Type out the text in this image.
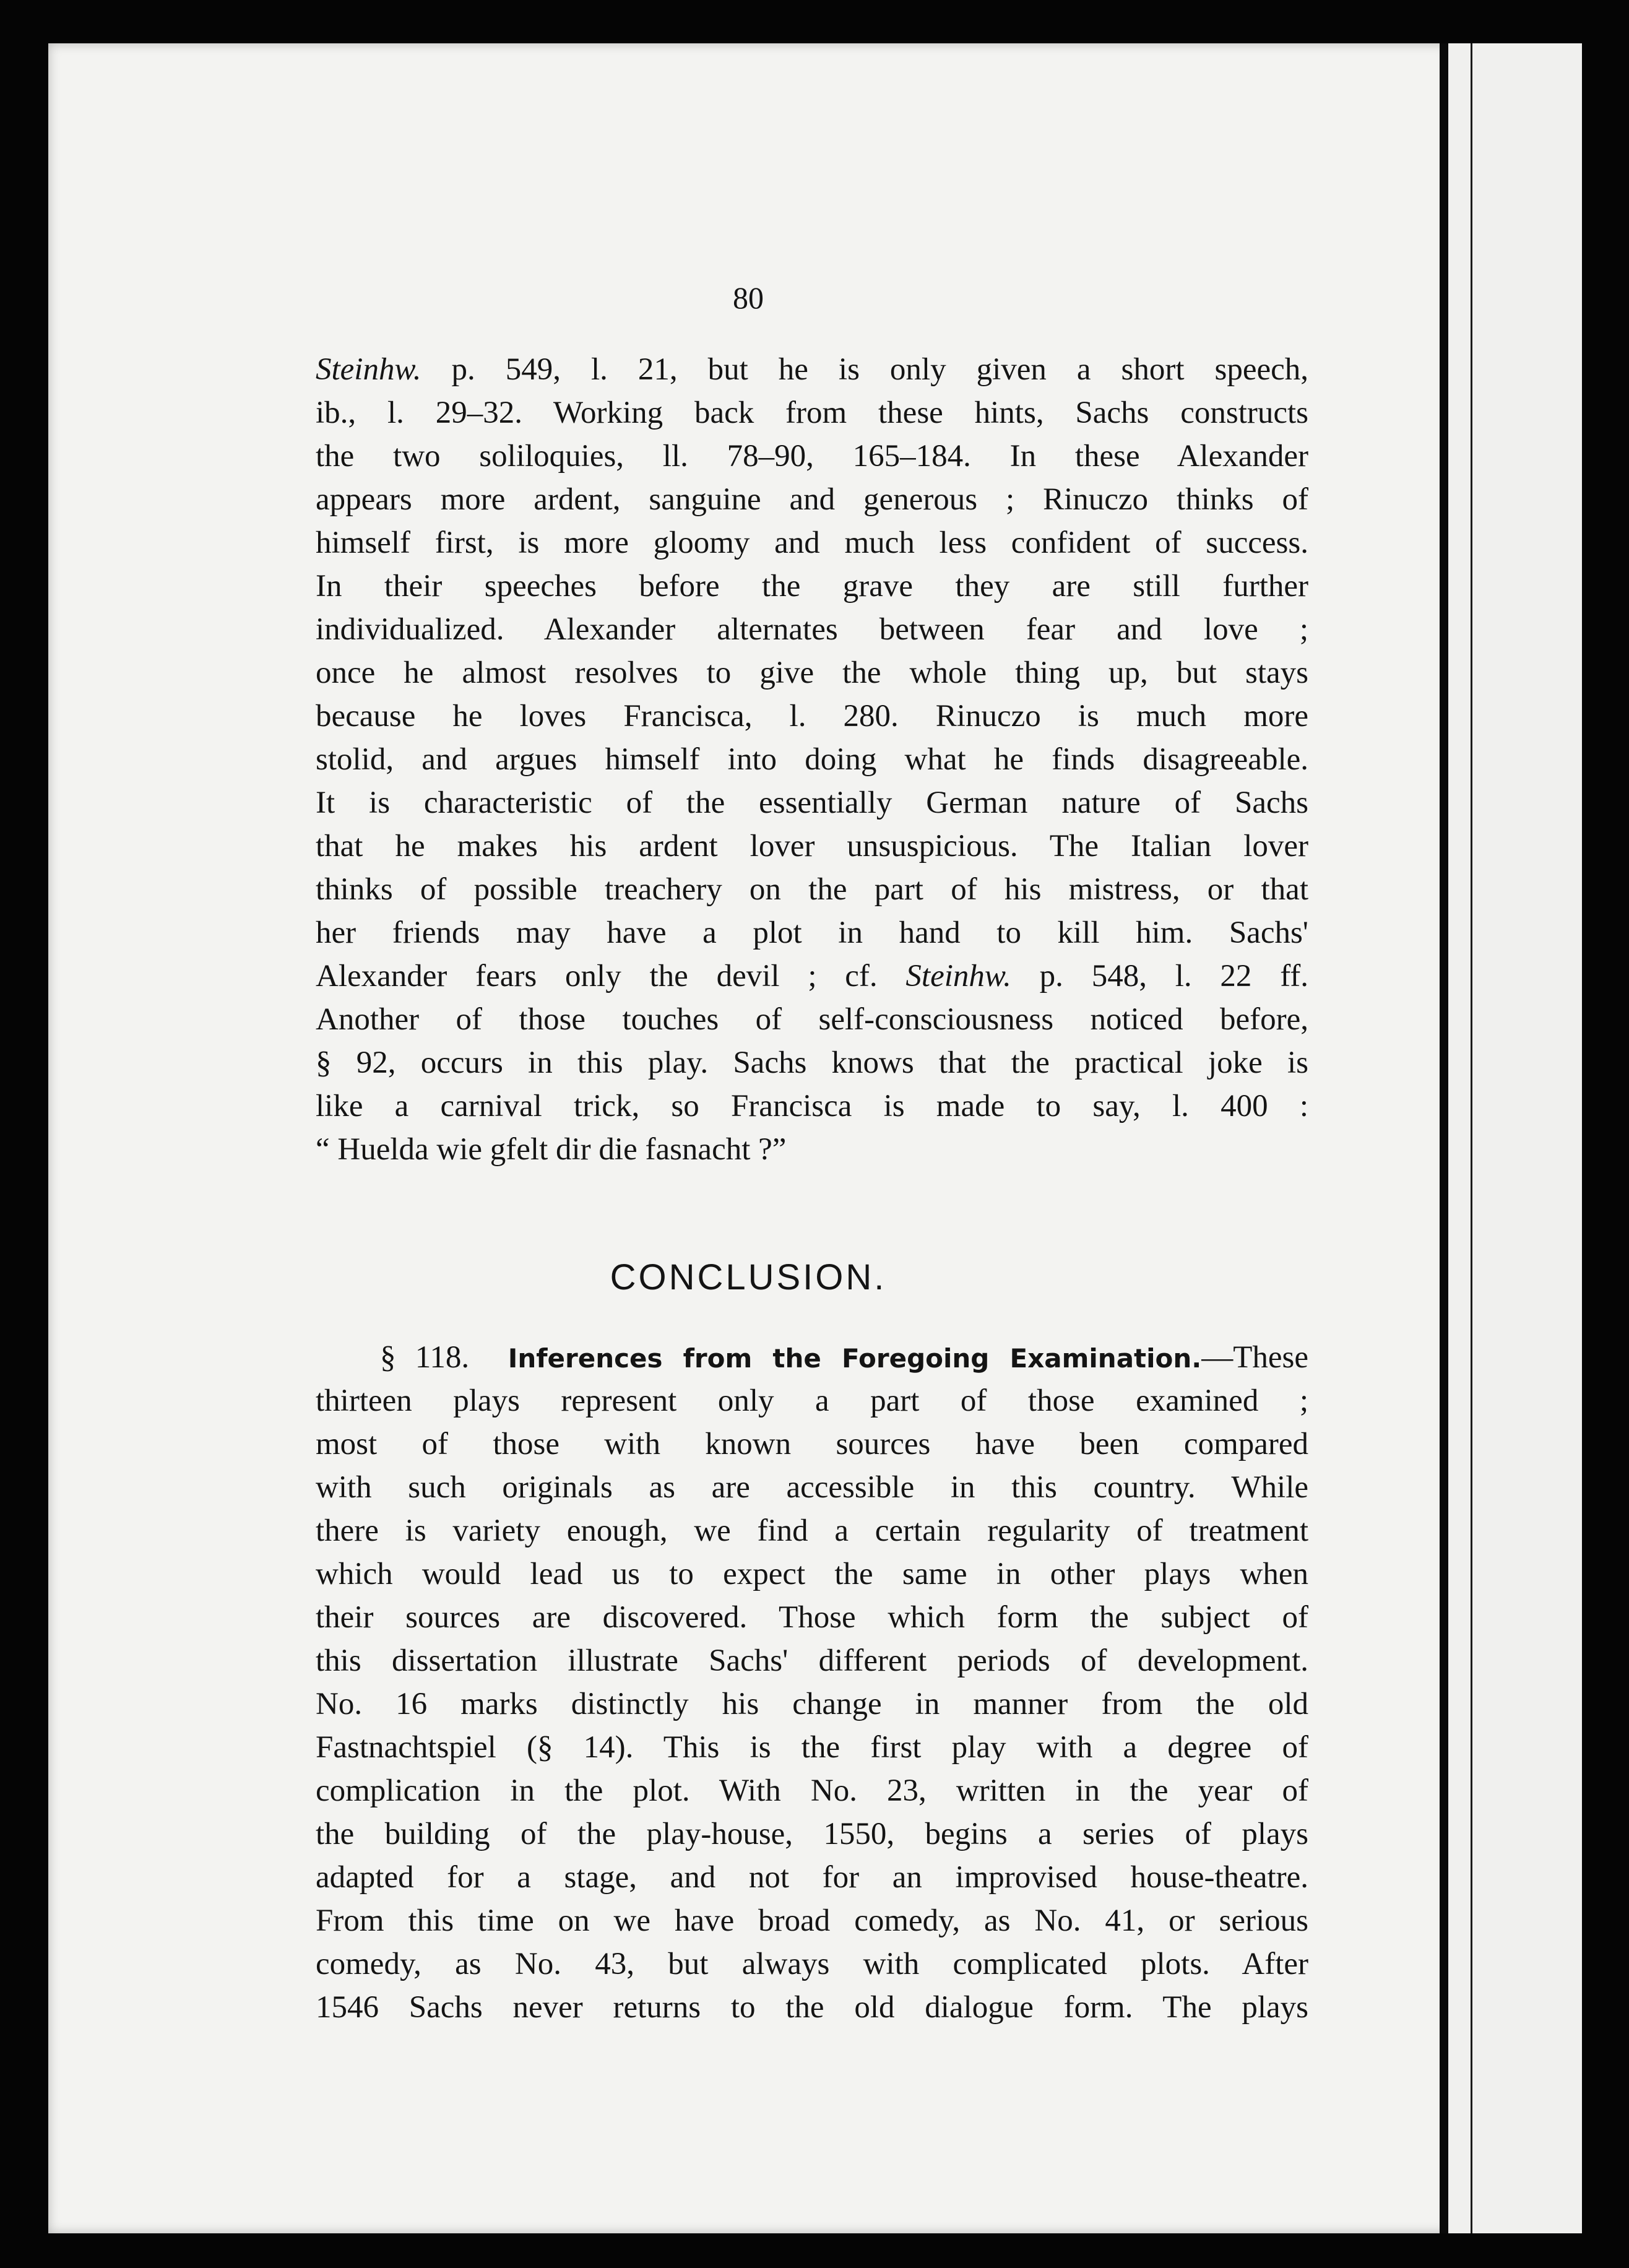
80
Steinhw. p. 549, l. 21, but he is only given a short speech,
ib., l. 29–32. Working back from these hints, Sachs constructs
the two soliloquies, ll. 78–90, 165–184. In these Alexander
appears more ardent, sanguine and generous ; Rinuczo thinks of
himself first, is more gloomy and much less confident of success.
In their speeches before the grave they are still further
individualized. Alexander alternates between fear and love ;
once he almost resolves to give the whole thing up, but stays
because he loves Francisca, l. 280. Rinuczo is much more
stolid, and argues himself into doing what he finds disagreeable.
It is characteristic of the essentially German nature of Sachs
that he makes his ardent lover unsuspicious. The Italian lover
thinks of possible treachery on the part of his mistress, or that
her friends may have a plot in hand to kill him. Sachs'
Alexander fears only the devil ; cf. Steinhw. p. 548, l. 22 ff.
Another of those touches of self-consciousness noticed before,
§ 92, occurs in this play. Sachs knows that the practical joke is
like a carnival trick, so Francisca is made to say, l. 400 :
“ Huelda wie gfelt dir die fasnacht ?”
CONCLUSION.
§ 118. Inferences from the Foregoing Examination.—These
thirteen plays represent only a part of those examined ;
most of those with known sources have been compared
with such originals as are accessible in this country. While
there is variety enough, we find a certain regularity of treatment
which would lead us to expect the same in other plays when
their sources are discovered. Those which form the subject of
this dissertation illustrate Sachs' different periods of development.
No. 16 marks distinctly his change in manner from the old
Fastnachtspiel (§ 14). This is the first play with a degree of
complication in the plot. With No. 23, written in the year of
the building of the play-house, 1550, begins a series of plays
adapted for a stage, and not for an improvised house-theatre.
From this time on we have broad comedy, as No. 41, or serious
comedy, as No. 43, but always with complicated plots. After
1546 Sachs never returns to the old dialogue form. The plays
